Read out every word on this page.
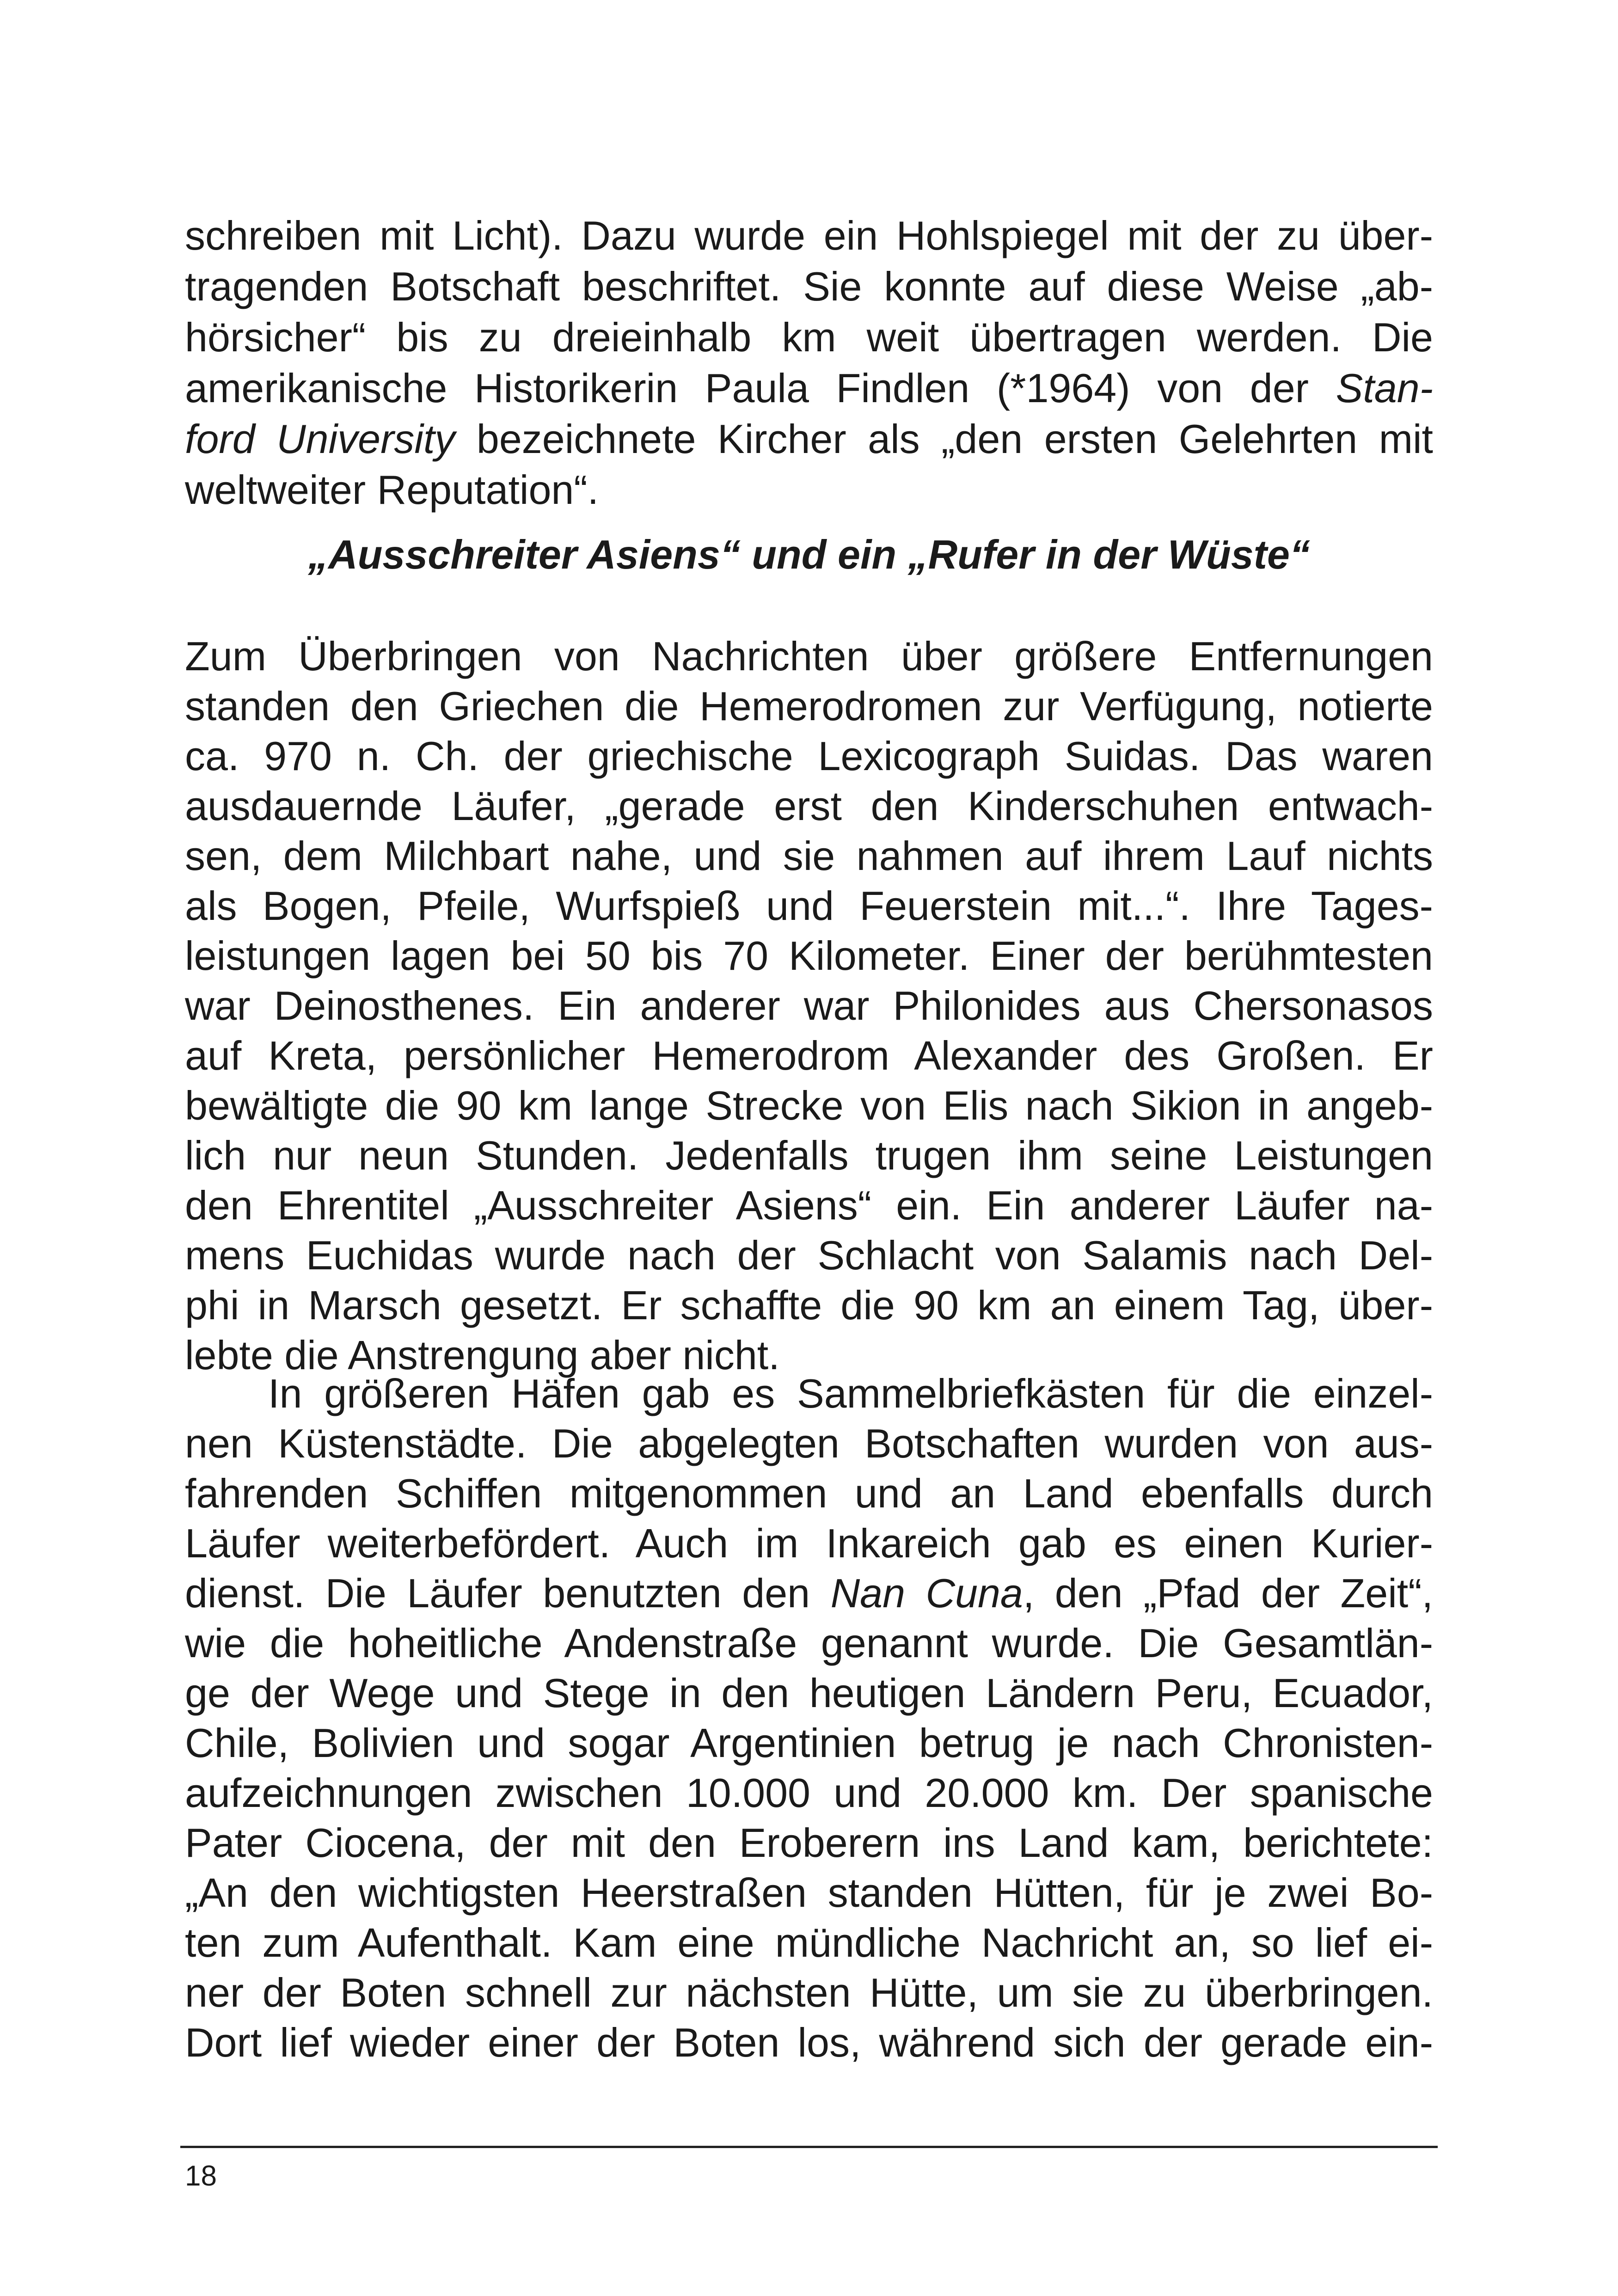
schreiben mit Licht). Dazu wurde ein Hohlspiegel mit der zu über-
tragenden Botschaft beschriftet. Sie konnte auf diese Weise „ab-
hörsicher“ bis zu dreieinhalb km weit übertragen werden. Die
amerikanische Historikerin Paula Findlen (*1964) von der Stan-
ford University bezeichnete Kircher als „den ersten Gelehrten mit
weltweiter Reputation“.
„Ausschreiter Asiens“ und ein „Rufer in der Wüste“
Zum Überbringen von Nachrichten über größere Entfernungen
standen den Griechen die Hemerodromen zur Verfügung, notierte
ca. 970 n. Ch. der griechische Lexicograph Suidas. Das waren
ausdauernde Läufer, „gerade erst den Kinderschuhen entwach-
sen, dem Milchbart nahe, und sie nahmen auf ihrem Lauf nichts
als Bogen, Pfeile, Wurfspieß und Feuerstein mit...“. Ihre Tages-
leistungen lagen bei 50 bis 70 Kilometer. Einer der berühmtesten
war Deinosthenes. Ein anderer war Philonides aus Chersonasos
auf Kreta, persönlicher Hemerodrom Alexander des Großen. Er
bewältigte die 90 km lange Strecke von Elis nach Sikion in angeb-
lich nur neun Stunden. Jedenfalls trugen ihm seine Leistungen
den Ehrentitel „Ausschreiter Asiens“ ein. Ein anderer Läufer na-
mens Euchidas wurde nach der Schlacht von Salamis nach Del-
phi in Marsch gesetzt. Er schaffte die 90 km an einem Tag, über-
lebte die Anstrengung aber nicht.
In größeren Häfen gab es Sammelbriefkästen für die einzel-
nen Küstenstädte. Die abgelegten Botschaften wurden von aus-
fahrenden Schiffen mitgenommen und an Land ebenfalls durch
Läufer weiterbefördert. Auch im Inkareich gab es einen Kurier-
dienst. Die Läufer benutzten den Nan Cuna, den „Pfad der Zeit“,
wie die hoheitliche Andenstraße genannt wurde. Die Gesamtlän-
ge der Wege und Stege in den heutigen Ländern Peru, Ecuador,
Chile, Bolivien und sogar Argentinien betrug je nach Chronisten-
aufzeichnungen zwischen 10.000 und 20.000 km. Der spanische
Pater Ciocena, der mit den Eroberern ins Land kam, berichtete:
„An den wichtigsten Heerstraßen standen Hütten, für je zwei Bo-
ten zum Aufenthalt. Kam eine mündliche Nachricht an, so lief ei-
ner der Boten schnell zur nächsten Hütte, um sie zu überbringen.
Dort lief wieder einer der Boten los, während sich der gerade ein-
18
